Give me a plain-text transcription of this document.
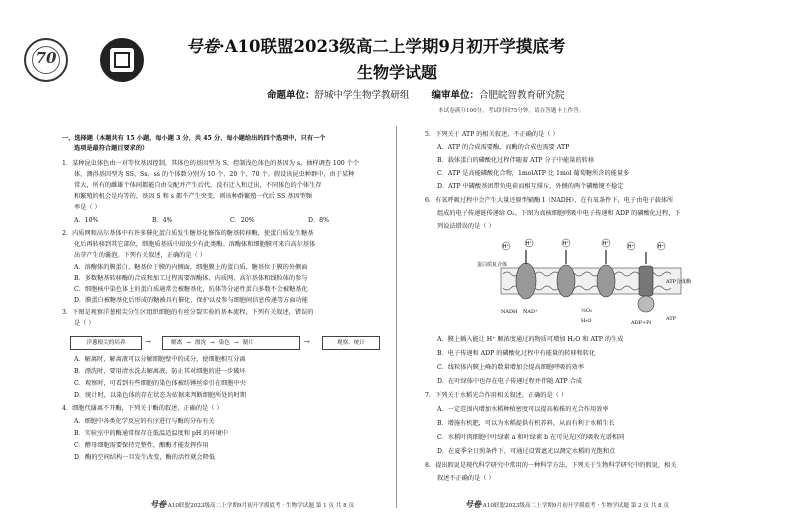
70
号卷·A10联盟2023级高二上学期9月初开学摸底考
生物学试题
命题单位：舒城中学生物学教研组 编审单位：合肥皖智教育研究院
本试卷满分100分，考试时间75分钟。请在答题卡上作答。
一、选择题（本题共有 15 小题，每小题 3 分，共 45 分，每小题给出的四个选项中，只有一个
选项是最符合题目要求的）
1．某种昆虫体色由一对等位基因控制，其体色的基因型为 S，控制浅色体色的基因为 s，抽样调查 100 个个
体，测得基因型为 SS、Ss、ss 的个体数分别为 10 个、20 个、70 个。假设该昆虫种群中，由于某种
常大，所有的雌雄个体间都能自由交配并产生后代，没有迁入和迁出，不同体色的个体生存
和繁殖的机会是均等的，基因 S 和 s 都不产生突变，则该种群繁殖一代后 SS 基因型频
率是（ ）
A．10%	B．4%	C．20%	D．8%
2．内质网和高尔基体中有许多催化蛋白质发生糖基化修饰的糖基转移酶，使蛋白质发生糖基
化后再转移到其它部位，细胞质基质中却很少有此类酶。溶酶体和细胞膜可来自高尔基体
出芽产生的囊泡。下列有关叙述，正确的是（ ）
A．溶酶体的膜蛋白、糖基位于膜的内侧面，细胞膜上的蛋白质、糖基位于膜的外侧面
B．多数糖基转移酶的合成和加工过程需要溶酶体、内质网、高尔基体和线粒体的参与
C．细胞核中染色体上的蛋白质通常会被糖基化，抗体等分泌性蛋白多数不会被糖基化
D．膜蛋白被糖基化后形成的糖被具有催化、保护以及参与细胞间信息传递等方面功能
3．下图是观察洋葱根尖分生区组织细胞的有丝分裂实验的基本流程，下列有关叙述，错误的
是（ ）
洋葱根尖的培养	→	解离 → 漂洗 → 染色 → 制片	→	观察、统计
A．解离时，解离液可以分解细胞壁中的成分，使细胞相互分离
B．漂洗时，要用清水洗去解离液，防止其对细胞的进一步破坏
C．观察时，可看到有些细胞的染色体被纺锤丝牵引在细胞中央
D．统计时，以染色体的存在状态为依据来判断细胞所处的时期
4．细胞代谢离不开酶，下列关于酶的叙述，正确的是（ ）
A．细胞中各类化学反应的有序进行与酶的分布有关
B．实验室中的酶通常保存在低温适温度和 pH 的环境中
C．酵母细胞需要保持完整性，酿酶才能发挥作用
D．酶的空间结构一旦发生改变，酶的活性就会降低
号卷·A10联盟2023级高二上学期9月初开学摸底考 · 生物学试题 第 1 页 共 8 页
5．下列关于 ATP 的相关叙述，不正确的是（ ）
A．ATP 的合成需要酶，而酶的合成也需要 ATP
B．载体蛋白的磷酸化过程伴随着 ATP 分子中能量的转移
C．ATP 是高能磷酸化合物，1molATP 比 1mol 葡萄糖所含的能量多
D．ATP 中磷酸基团带负电荷而相互排斥，外侧的两个磷酸键不稳定
6．有氧呼吸过程中会产生大量还原型辅酶 I（NADH），在有氧条件下，电子由电子载体所
组成的电子传递链传递给 O₂。下图为真核细胞呼吸中电子传递和 ADP 的磷酸化过程，下
列说法错误的是（ ）
H⁺	H⁺	H⁺	H⁺	H⁺	H⁺
蛋白质复合体
ATP合成酶
NADH NAD⁺	½O₂
H₂O	ADP+Pi
ATP
A．膜上插入能让 H⁺ 顺浓度通过的物质可增加 H₂O 和 ATP 的生成
B．电子传递和 ADP 的磷酸化过程中有能量的转移和转化
C．线粒体内膜上峰的数量增加会提高细胞呼吸的效率
D．在叶绿体中也存在电子传递过程并伴随 ATP 合成
7．下列关于水稻光合作用相关叙述，正确的是（ ）
A．一定范围内增加水稻种植密度可以提高植株的光合作用效率
B．增施有机肥，可以为水稻提供有机养料，从而有利于水稻生长
C．水稻叶肉细胞中叶绿素 a 和叶绿素 b 在可见光区的吸收光谱相同
D．在夏季全日照条件下，可通过设置遮光以测定水稻的光饱和点
8．提出假说是现代科学研究中常用的一种科学方法。下列关于生物科学研究中的假说，相关
叙述不正确的是（ ）
号卷·A10联盟2023级高二上学期9月初开学摸底考 · 生物学试题 第 2 页 共 8 页
